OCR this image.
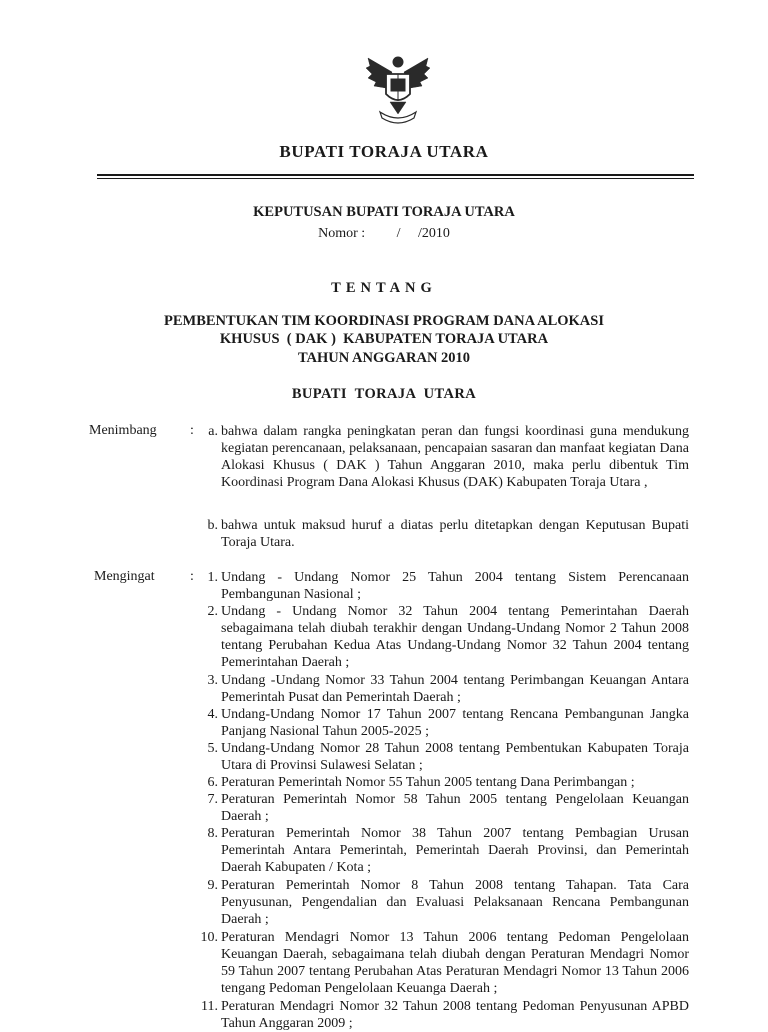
BUPATI TORAJA UTARA
KEPUTUSAN BUPATI TORAJA UTARA
Nomor :         /     /2010
TENTANG
PEMBENTUKAN TIM KOORDINASI PROGRAM DANA ALOKASI
KHUSUS  ( DAK )  KABUPATEN TORAJA UTARA
TAHUN ANGGARAN 2010
BUPATI  TORAJA  UTARA
Menimbang :	a. bahwa dalam rangka peningkatan peran dan fungsi koordinasi guna mendukung kegiatan perencanaan, pelaksanaan, pencapaian sasaran dan manfaat kegiatan Dana Alokasi Khusus ( DAK ) Tahun Anggaran 2010, maka perlu dibentuk Tim Koordinasi Program Dana Alokasi Khusus (DAK) Kabupaten Toraja Utara ,
b. bahwa untuk maksud huruf a diatas perlu ditetapkan dengan Keputusan Bupati Toraja Utara.
Mengingat	: 1. Undang - Undang Nomor 25 Tahun 2004 tentang Sistem Perencanaan Pembangunan Nasional ;
2. Undang - Undang Nomor 32 Tahun 2004 tentang Pemerintahan Daerah sebagaimana telah diubah terakhir dengan Undang-Undang Nomor 2 Tahun 2008 tentang Perubahan Kedua Atas Undang-Undang Nomor 32 Tahun 2004 tentang Pemerintahan Daerah ;
3. Undang -Undang Nomor 33 Tahun 2004 tentang Perimbangan Keuangan Antara Pemerintah Pusat dan Pemerintah Daerah ;
4. Undang-Undang Nomor 17 Tahun 2007 tentang Rencana Pembangunan Jangka Panjang Nasional Tahun 2005-2025 ;
5. Undang-Undang Nomor 28 Tahun 2008 tentang Pembentukan Kabupaten Toraja Utara di Provinsi Sulawesi Selatan ;
6. Peraturan Pemerintah Nomor 55 Tahun 2005 tentang Dana Perimbangan ;
7. Peraturan Pemerintah Nomor 58 Tahun 2005 tentang Pengelolaan Keuangan Daerah ;
8. Peraturan Pemerintah Nomor 38 Tahun 2007 tentang Pembagian Urusan Pemerintah Antara Pemerintah, Pemerintah Daerah Provinsi, dan Pemerintah Daerah Kabupaten / Kota ;
9. Peraturan Pemerintah Nomor 8 Tahun 2008 tentang Tahapan. Tata Cara Penyusunan, Pengendalian dan Evaluasi Pelaksanaan Rencana Pembangunan Daerah ;
10. Peraturan Mendagri Nomor 13 Tahun 2006 tentang Pedoman Pengelolaan Keuangan Daerah, sebagaimana telah diubah dengan Peraturan Mendagri Nomor 59 Tahun 2007 tentang Perubahan Atas Peraturan Mendagri Nomor 13 Tahun 2006 tengang Pedoman Pengelolaan Keuanga Daerah ;
11. Peraturan Mendagri Nomor 32 Tahun 2008 tentang Pedoman Penyusunan APBD Tahun Anggaran 2009 ;
